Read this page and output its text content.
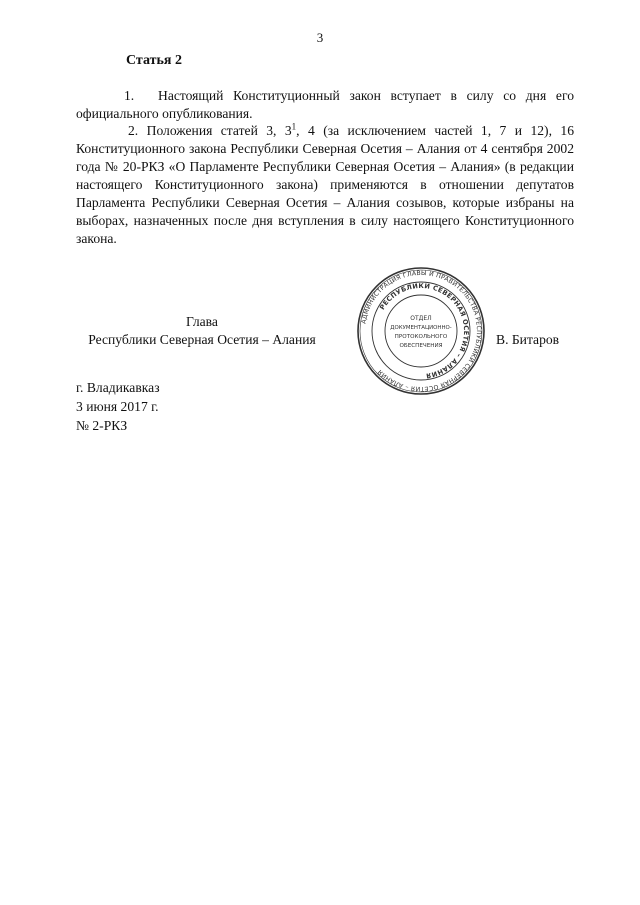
3
Статья 2

1. Настоящий Конституционный закон вступает в силу со дня его официального опубликования.

2. Положения статей 3, $3^1$, 4 (за исключением частей 1, 7 и 12), 16 Конституционного закона Республики Северная Осетия – Алания от 4 сентября 2002 года № 20-РКЗ «О Парламенте Республики Северная Осетия – Алания» (в редакции настоящего Конституционного закона) применяются в отношении депутатов Парламента Республики Северная Осетия – Алания созывов, которые избраны на выборах, назначенных после дня вступления в силу настоящего Конституционного закона.

Глава
Республики Северная Осетия – Алания
АДМИНИСТРАЦИЯ ГЛАВЫ И ПРАВИТЕЛЬСТВА РЕСПУБЛИКИ СЕВЕРНАЯ ОСЕТИЯ – АЛАНИЯ
РЕСПУБЛИКИ СЕВЕРНАЯ ОСЕТИЯ – АЛАНИЯ
ОТДЕЛ
ДОКУМЕНТАЦИОННО-
ПРОТОКОЛЬНОГО
ОБЕСПЕЧЕНИЯ	В. Битаров
г. Владикавказ
3 июня 2017 г.
№ 2-РКЗ
